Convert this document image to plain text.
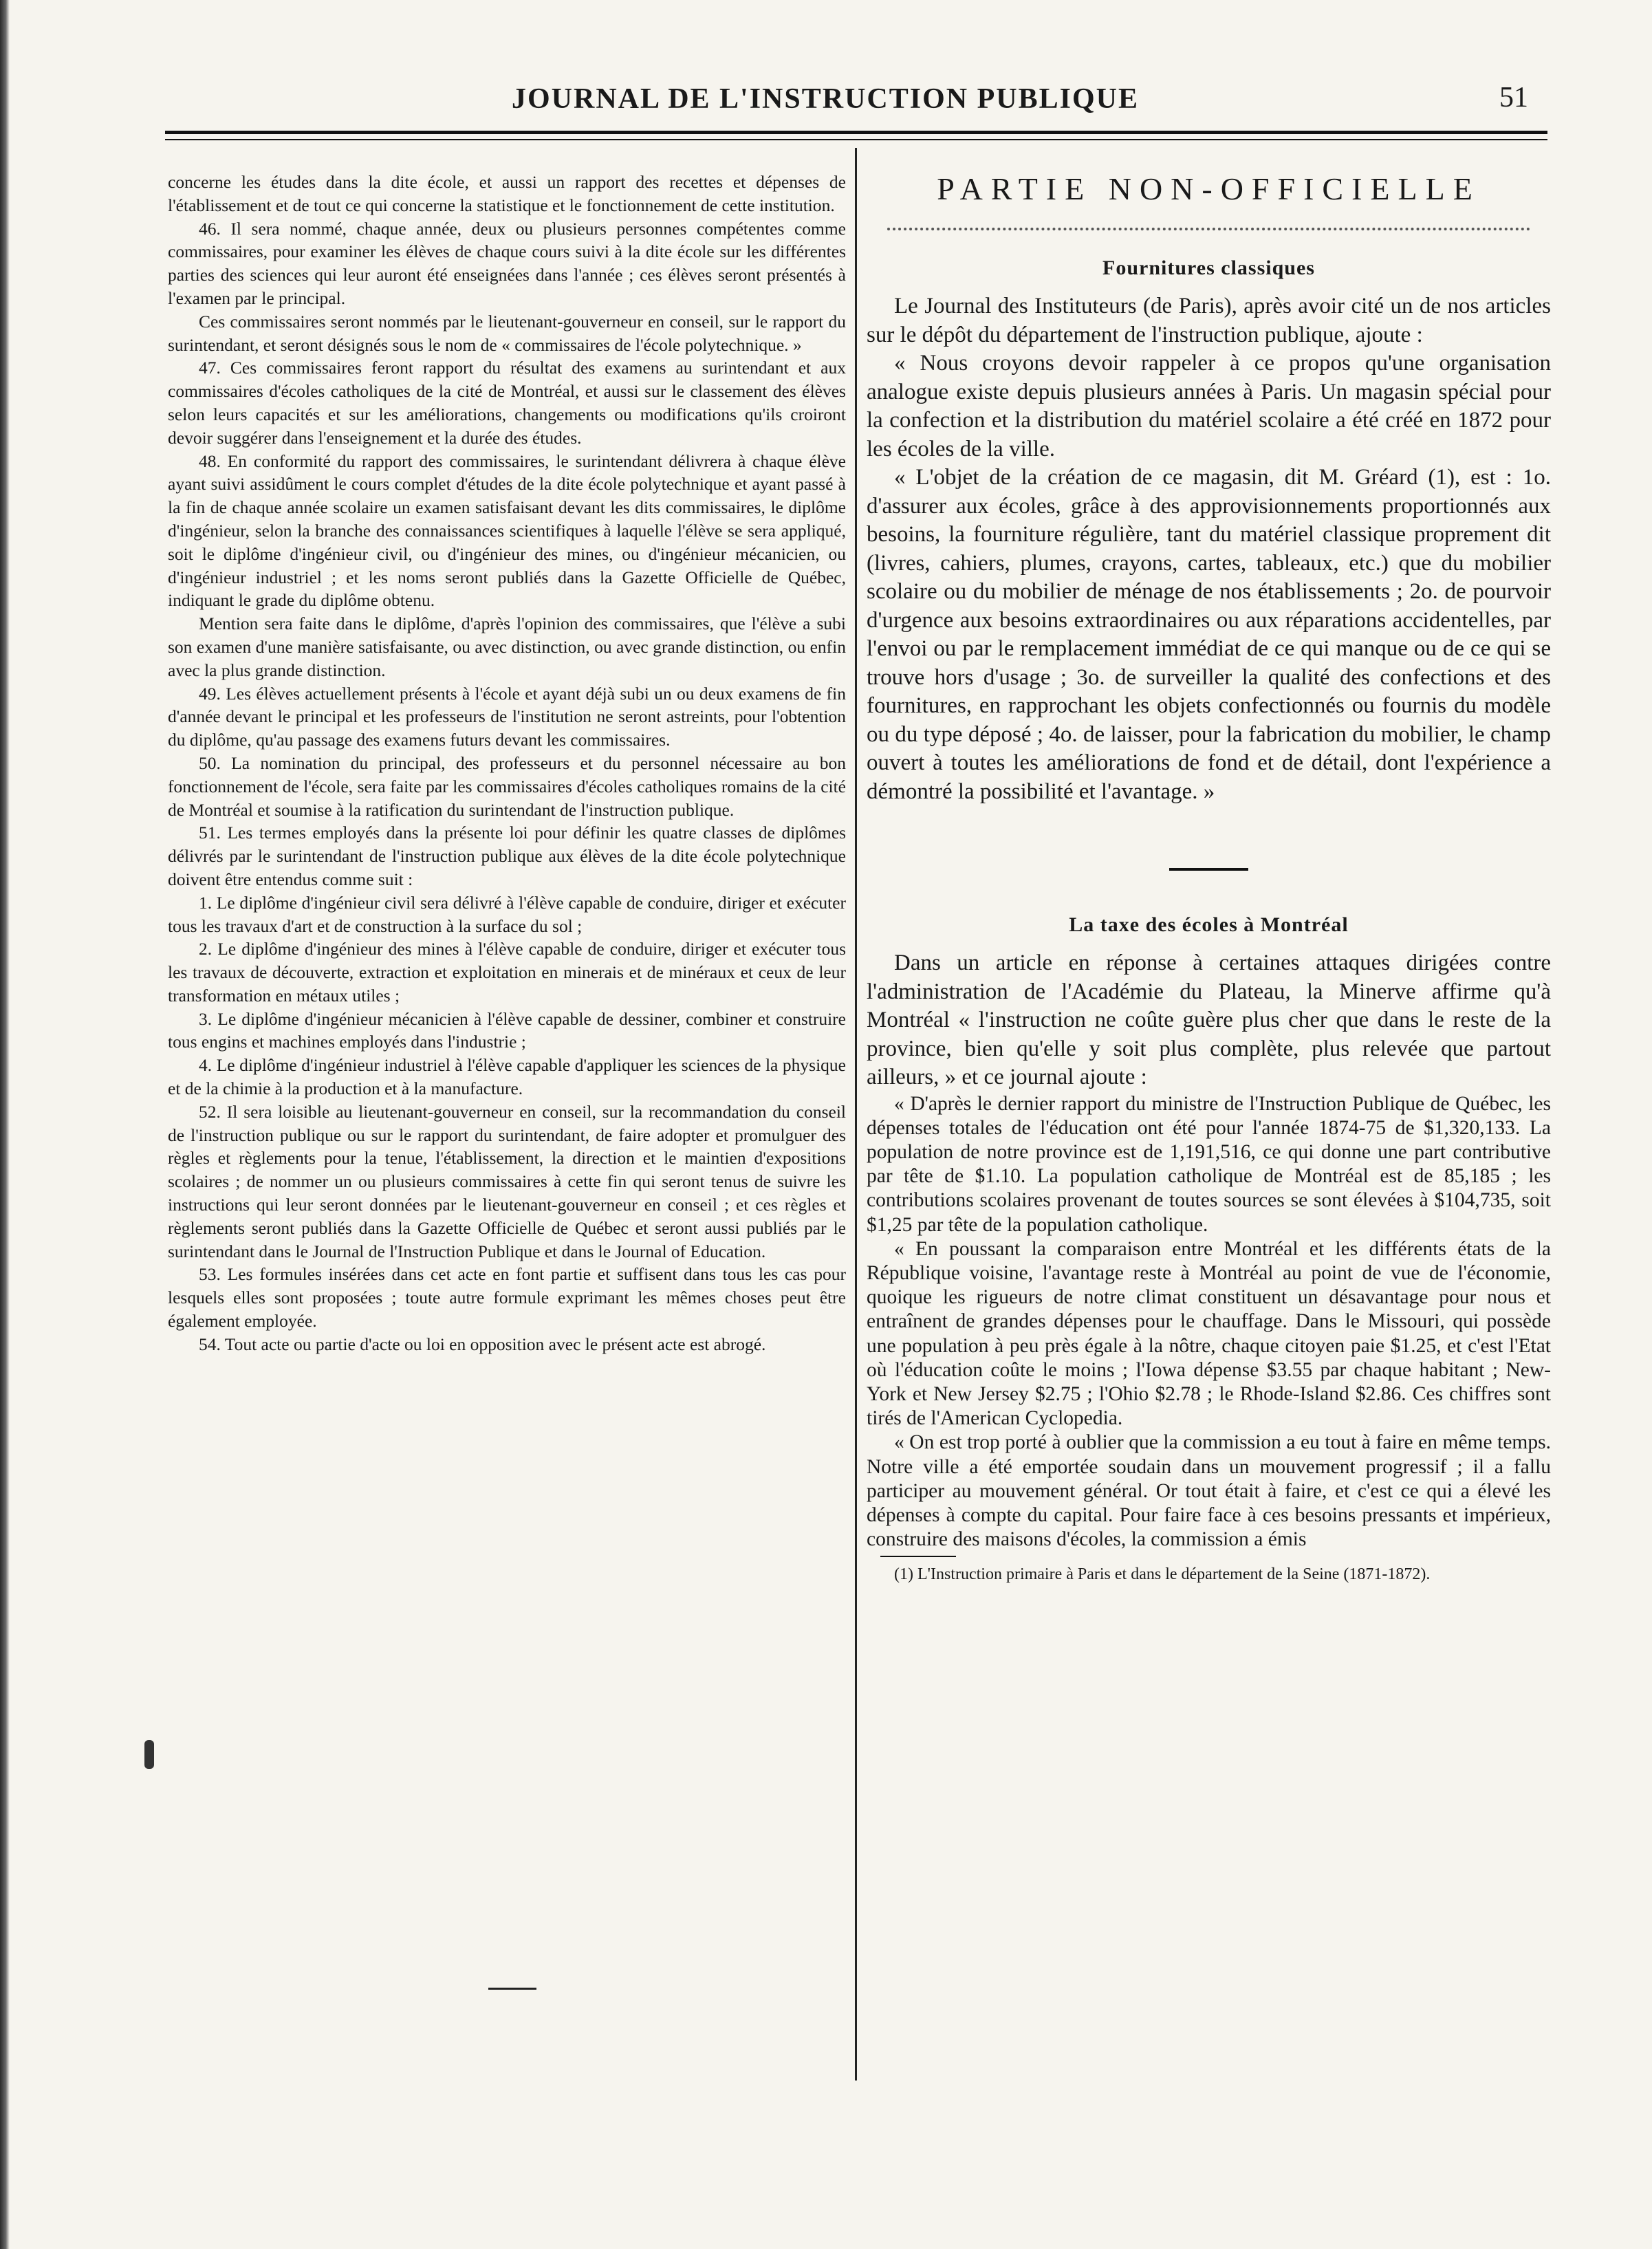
JOURNAL DE L'INSTRUCTION PUBLIQUE	51

concerne les études dans la dite école, et aussi un rapport des recettes et dépenses de l'établissement et de tout ce qui concerne la statistique et le fonctionnement de cette institution.

46. Il sera nommé, chaque année, deux ou plusieurs personnes compétentes comme commissaires, pour examiner les élèves de chaque cours suivi à la dite école sur les différentes parties des sciences qui leur auront été enseignées dans l'année ; ces élèves seront présentés à l'examen par le principal.

Ces commissaires seront nommés par le lieutenant-gouverneur en conseil, sur le rapport du surintendant, et seront désignés sous le nom de « commissaires de l'école polytechnique. »

47. Ces commissaires feront rapport du résultat des examens au surintendant et aux commissaires d'écoles catholiques de la cité de Montréal, et aussi sur le classement des élèves selon leurs capacités et sur les améliorations, changements ou modifications qu'ils croiront devoir suggérer dans l'enseignement et la durée des études.

48. En conformité du rapport des commissaires, le surintendant délivrera à chaque élève ayant suivi assidûment le cours complet d'études de la dite école polytechnique et ayant passé à la fin de chaque année scolaire un examen satisfaisant devant les dits commissaires, le diplôme d'ingénieur, selon la branche des connaissances scientifiques à laquelle l'élève se sera appliqué, soit le diplôme d'ingénieur civil, ou d'ingénieur des mines, ou d'ingénieur mécanicien, ou d'ingénieur industriel ; et les noms seront publiés dans la Gazette Officielle de Québec, indiquant le grade du diplôme obtenu.

Mention sera faite dans le diplôme, d'après l'opinion des commissaires, que l'élève a subi son examen d'une manière satisfaisante, ou avec distinction, ou avec grande distinction, ou enfin avec la plus grande distinction.

49. Les élèves actuellement présents à l'école et ayant déjà subi un ou deux examens de fin d'année devant le principal et les professeurs de l'institution ne seront astreints, pour l'obtention du diplôme, qu'au passage des examens futurs devant les commissaires.

50. La nomination du principal, des professeurs et du personnel nécessaire au bon fonctionnement de l'école, sera faite par les commissaires d'écoles catholiques romains de la cité de Montréal et soumise à la ratification du surintendant de l'instruction publique.

51. Les termes employés dans la présente loi pour définir les quatre classes de diplômes délivrés par le surintendant de l'instruction publique aux élèves de la dite école polytechnique doivent être entendus comme suit :

1. Le diplôme d'ingénieur civil sera délivré à l'élève capable de conduire, diriger et exécuter tous les travaux d'art et de construction à la surface du sol ;

2. Le diplôme d'ingénieur des mines à l'élève capable de conduire, diriger et exécuter tous les travaux de découverte, extraction et exploitation en minerais et de minéraux et ceux de leur transformation en métaux utiles ;

3. Le diplôme d'ingénieur mécanicien à l'élève capable de dessiner, combiner et construire tous engins et machines employés dans l'industrie ;

4. Le diplôme d'ingénieur industriel à l'élève capable d'appliquer les sciences de la physique et de la chimie à la production et à la manufacture.

52. Il sera loisible au lieutenant-gouverneur en conseil, sur la recommandation du conseil de l'instruction publique ou sur le rapport du surintendant, de faire adopter et promulguer des règles et règlements pour la tenue, l'établissement, la direction et le maintien d'expositions scolaires ; de nommer un ou plusieurs commissaires à cette fin qui seront tenus de suivre les instructions qui leur seront données par le lieutenant-gouverneur en conseil ; et ces règles et règlements seront publiés dans la Gazette Officielle de Québec et seront aussi publiés par le surintendant dans le Journal de l'Instruction Publique et dans le Journal of Education.

53. Les formules insérées dans cet acte en font partie et suffisent dans tous les cas pour lesquels elles sont proposées ; toute autre formule exprimant les mêmes choses peut être également employée.

54. Tout acte ou partie d'acte ou loi en opposition avec le présent acte est abrogé.

PARTIE NON-OFFICIELLE
Fournitures classiques

Le Journal des Instituteurs (de Paris), après avoir cité un de nos articles sur le dépôt du département de l'instruction publique, ajoute :

« Nous croyons devoir rappeler à ce propos qu'une organisation analogue existe depuis plusieurs années à Paris. Un magasin spécial pour la confection et la distribution du matériel scolaire a été créé en 1872 pour les écoles de la ville.

« L'objet de la création de ce magasin, dit M. Gréard (1), est : 1o. d'assurer aux écoles, grâce à des approvisionnements proportionnés aux besoins, la fourniture régulière, tant du matériel classique proprement dit (livres, cahiers, plumes, crayons, cartes, tableaux, etc.) que du mobilier scolaire ou du mobilier de ménage de nos établissements ; 2o. de pourvoir d'urgence aux besoins extraordinaires ou aux réparations accidentelles, par l'envoi ou par le remplacement immédiat de ce qui manque ou de ce qui se trouve hors d'usage ; 3o. de surveiller la qualité des confections et des fournitures, en rapprochant les objets confectionnés ou fournis du modèle ou du type déposé ; 4o. de laisser, pour la fabrication du mobilier, le champ ouvert à toutes les améliorations de fond et de détail, dont l'expérience a démontré la possibilité et l'avantage. »

La taxe des écoles à Montréal

Dans un article en réponse à certaines attaques dirigées contre l'administration de l'Académie du Plateau, la Minerve affirme qu'à Montréal « l'instruction ne coûte guère plus cher que dans le reste de la province, bien qu'elle y soit plus complète, plus relevée que partout ailleurs, » et ce journal ajoute :

« D'après le dernier rapport du ministre de l'Instruction Publique de Québec, les dépenses totales de l'éducation ont été pour l'année 1874-75 de $1,320,133. La population de notre province est de 1,191,516, ce qui donne une part contributive par tête de $1.10. La population catholique de Montréal est de 85,185 ; les contributions scolaires provenant de toutes sources se sont élevées à $104,735, soit $1,25 par tête de la population catholique.

« En poussant la comparaison entre Montréal et les différents états de la République voisine, l'avantage reste à Montréal au point de vue de l'économie, quoique les rigueurs de notre climat constituent un désavantage pour nous et entraînent de grandes dépenses pour le chauffage. Dans le Missouri, qui possède une population à peu près égale à la nôtre, chaque citoyen paie $1.25, et c'est l'Etat où l'éducation coûte le moins ; l'Iowa dépense $3.55 par chaque habitant ; New-York et New Jersey $2.75 ; l'Ohio $2.78 ; le Rhode-Island $2.86. Ces chiffres sont tirés de l'American Cyclopedia.

« On est trop porté à oublier que la commission a eu tout à faire en même temps. Notre ville a été emportée soudain dans un mouvement progressif ; il a fallu participer au mouvement général. Or tout était à faire, et c'est ce qui a élevé les dépenses à compte du capital. Pour faire face à ces besoins pressants et impérieux, construire des maisons d'écoles, la commission a émis

(1) L'Instruction primaire à Paris et dans le département de la Seine (1871-1872).
